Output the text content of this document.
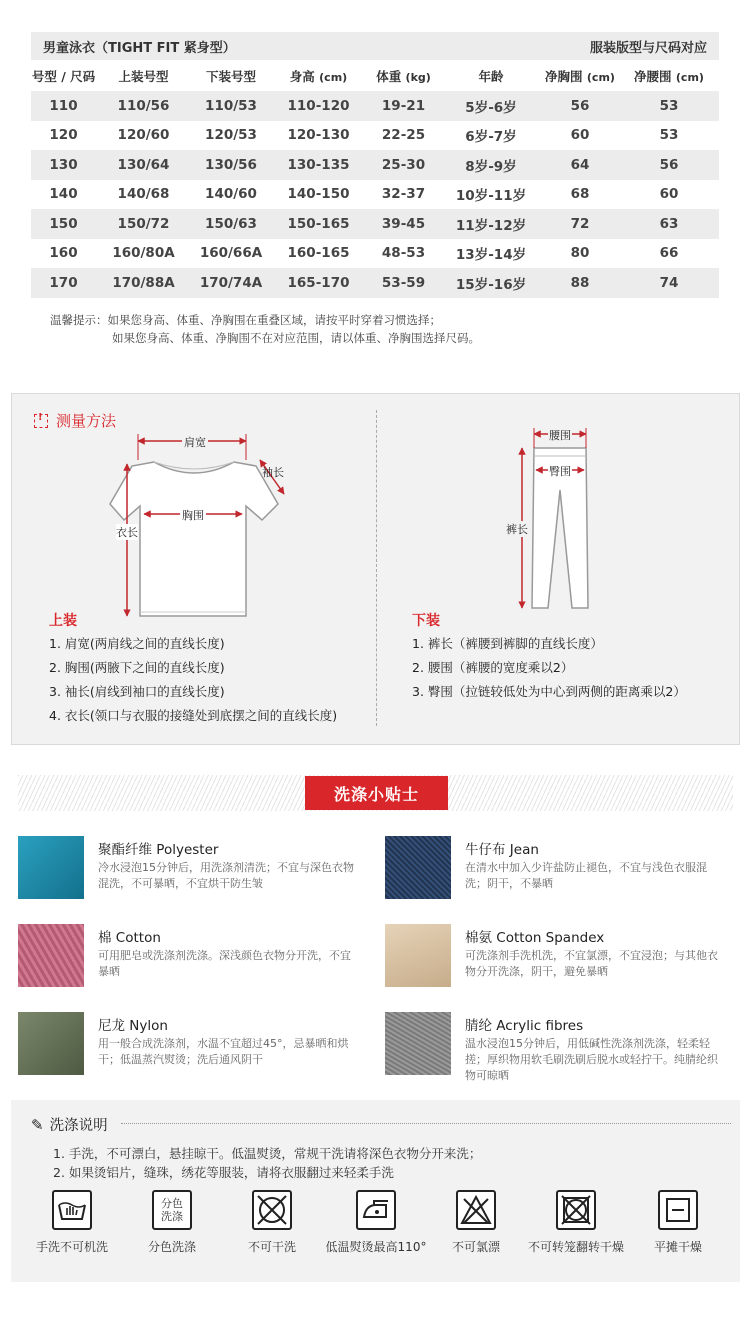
男童泳衣（TIGHT FIT 紧身型）	服装版型与尺码对应
号型 / 尺码	上装号型	下装号型	身高 (cm)	体重 (kg)	年龄	净胸围 (cm)	净腰围 (cm)
110	110/56	110/53	110-120	19-21	5岁-6岁	56	53
120	120/60	120/53	120-130	22-25	6岁-7岁	60	53
130	130/64	130/56	130-135	25-30	8岁-9岁	64	56
140	140/68	140/60	140-150	32-37	10岁-11岁	68	60
150	150/72	150/63	150-165	39-45	11岁-12岁	72	63
160	160/80A	160/66A	160-165	48-53	13岁-14岁	80	66
170	170/88A	170/74A	165-170	53-59	15岁-16岁	88	74
温馨提示：如果您身高、体重、净胸围在重叠区域，请按平时穿着习惯选择；
如果您身高、体重、净胸围不在对应范围，请以体重、净胸围选择尺码。
!
测量方法
肩宽
袖长
胸围
衣长
腰围
臀围
裤长
上装
1. 肩宽(两肩线之间的直线长度)
2. 胸围(两腋下之间的直线长度)
3. 袖长(肩线到袖口的直线长度)
4. 衣长(领口与衣服的接缝处到底摆之间的直线长度)
下装
1. 裤长（裤腰到裤脚的直线长度）
2. 腰围（裤腰的宽度乘以2）
3. 臀围（拉链较低处为中心到两侧的距离乘以2）
洗涤小贴士
聚酯纤维 Polyester
冷水浸泡15分钟后，用洗涤剂清洗；不宜与深色衣物混洗，不可暴晒，不宜烘干防生皱
牛仔布 Jean
在清水中加入少许盐防止褪色，不宜与浅色衣服混洗；阴干，不暴晒
棉 Cotton
可用肥皂或洗涤剂洗涤。深浅颜色衣物分开洗，不宜暴晒
棉氨 Cotton Spandex
可洗涤剂手洗机洗，不宜氯漂，不宜浸泡；与其他衣物分开洗涤，阴干，避免暴晒
尼龙 Nylon
用一般合成洗涤剂，水温不宜超过45°，忌暴晒和烘干；低温蒸汽熨烫；洗后通风阴干
腈纶 Acrylic fibres
温水浸泡15分钟后，用低碱性洗涤剂洗涤，轻柔轻搓；厚织物用软毛刷洗刷后脱水或轻拧干。纯腈纶织物可晾晒
✎ 洗涤说明
1. 手洗，不可漂白，悬挂晾干。低温熨烫，常规干洗请将深色衣物分开来洗；
2. 如果烫铝片，缝珠，绣花等服装，请将衣服翻过来轻柔手洗
手洗不可机洗
分色
洗涤
分色洗涤	不可干洗	低温熨烫最高110°	不可氯漂	不可转笼翻转干燥	平摊干燥
